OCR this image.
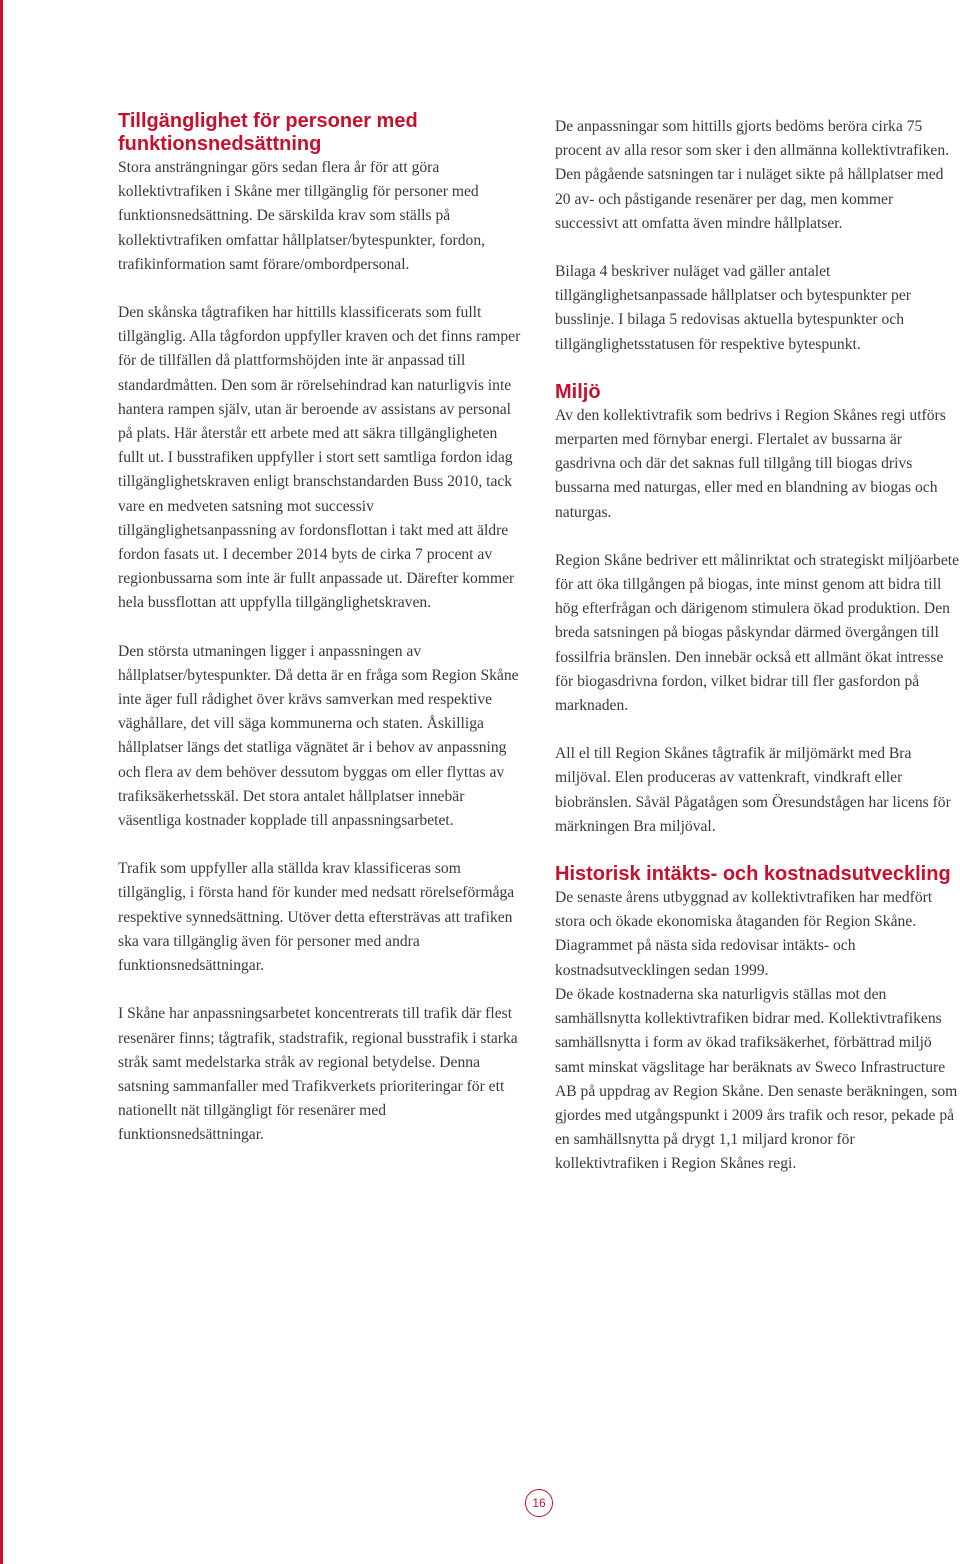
Tillgänglighet för personer med funktionsnedsättning

Stora ansträngningar görs sedan flera år för att göra kollektivtrafiken i Skåne mer tillgänglig för personer med funktionsnedsättning. De särskilda krav som ställs på kollektivtrafiken omfattar hållplatser/bytespunkter, fordon, trafikinformation samt förare/ombordpersonal.

Den skånska tågtrafiken har hittills klassificerats som fullt tillgänglig. Alla tågfordon uppfyller kraven och det finns ramper för de tillfällen då plattformshöjden inte är anpassad till standardmåtten. Den som är rörelsehindrad kan naturligvis inte hantera rampen själv, utan är beroende av assistans av personal på plats. Här återstår ett arbete med att säkra tillgängligheten fullt ut. I busstrafiken uppfyller i stort sett samtliga fordon idag tillgänglighetskraven enligt branschstandarden Buss 2010, tack vare en medveten satsning mot successiv tillgänglighetsanpassning av fordonsflottan i takt med att äldre fordon fasats ut. I december 2014 byts de cirka 7 procent av regionbussarna som inte är fullt anpassade ut. Därefter kommer hela bussflottan att uppfylla tillgänglighetskraven.

Den största utmaningen ligger i anpassningen av hållplatser/bytespunkter. Då detta är en fråga som Region Skåne inte äger full rådighet över krävs samverkan med respektive väghållare, det vill säga kommunerna och staten. Åskilliga hållplatser längs det statliga vägnätet är i behov av anpassning och flera av dem behöver dessutom byggas om eller flyttas av trafiksäkerhetsskäl. Det stora antalet hållplatser innebär väsentliga kostnader kopplade till anpassningsarbetet.

Trafik som uppfyller alla ställda krav klassificeras som tillgänglig, i första hand för kunder med nedsatt rörelseförmåga respektive synnedsättning. Utöver detta eftersträvas att trafiken ska vara tillgänglig även för personer med andra funktionsnedsättningar.

I Skåne har anpassningsarbetet koncentrerats till trafik där flest resenärer finns; tågtrafik, stadstrafik, regional busstrafik i starka stråk samt medelstarka stråk av regional betydelse. Denna satsning sammanfaller med Trafikverkets prioriteringar för ett nationellt nät tillgängligt för resenärer med funktionsnedsättningar.

De anpassningar som hittills gjorts bedöms beröra cirka 75 procent av alla resor som sker i den allmänna kollektivtrafiken. Den pågående satsningen tar i nuläget sikte på hållplatser med 20 av- och påstigande resenärer per dag, men kommer successivt att omfatta även mindre hållplatser.

Bilaga 4 beskriver nuläget vad gäller antalet tillgänglighetsanpassade hållplatser och bytespunkter per busslinje. I bilaga 5 redovisas aktuella bytespunkter och tillgänglighetsstatusen för respektive bytespunkt.

Miljö

Av den kollektivtrafik som bedrivs i Region Skånes regi utförs merparten med förnybar energi. Flertalet av bussarna är gasdrivna och där det saknas full tillgång till biogas drivs bussarna med naturgas, eller med en blandning av biogas och naturgas.

Region Skåne bedriver ett målinriktat och strategiskt miljöarbete för att öka tillgången på biogas, inte minst genom att bidra till hög efterfrågan och därigenom stimulera ökad produktion. Den breda satsningen på biogas påskyndar därmed övergången till fossilfria bränslen. Den innebär också ett allmänt ökat intresse för biogasdrivna fordon, vilket bidrar till fler gasfordon på marknaden.

All el till Region Skånes tågtrafik är miljömärkt med Bra miljöval. Elen produceras av vattenkraft, vindkraft eller biobränslen. Såväl Pågatågen som Öresundstågen har licens för märkningen Bra miljöval.

Historisk intäkts- och kostnadsutveckling

De senaste årens utbyggnad av kollektivtrafiken har medfört stora och ökade ekonomiska åtaganden för Region Skåne. Diagrammet på nästa sida redovisar intäkts- och kostnadsutvecklingen sedan 1999.

De ökade kostnaderna ska naturligvis ställas mot den samhällsnytta kollektivtrafiken bidrar med. Kollektivtrafikens samhällsnytta i form av ökad trafiksäkerhet, förbättrad miljö samt minskat vägslitage har beräknats av Sweco Infrastructure AB på uppdrag av Region Skåne. Den senaste beräkningen, som gjordes med utgångspunkt i 2009 års trafik och resor, pekade på en samhällsnytta på drygt 1,1 miljard kronor för kollektivtrafiken i Region Skånes regi.

16
